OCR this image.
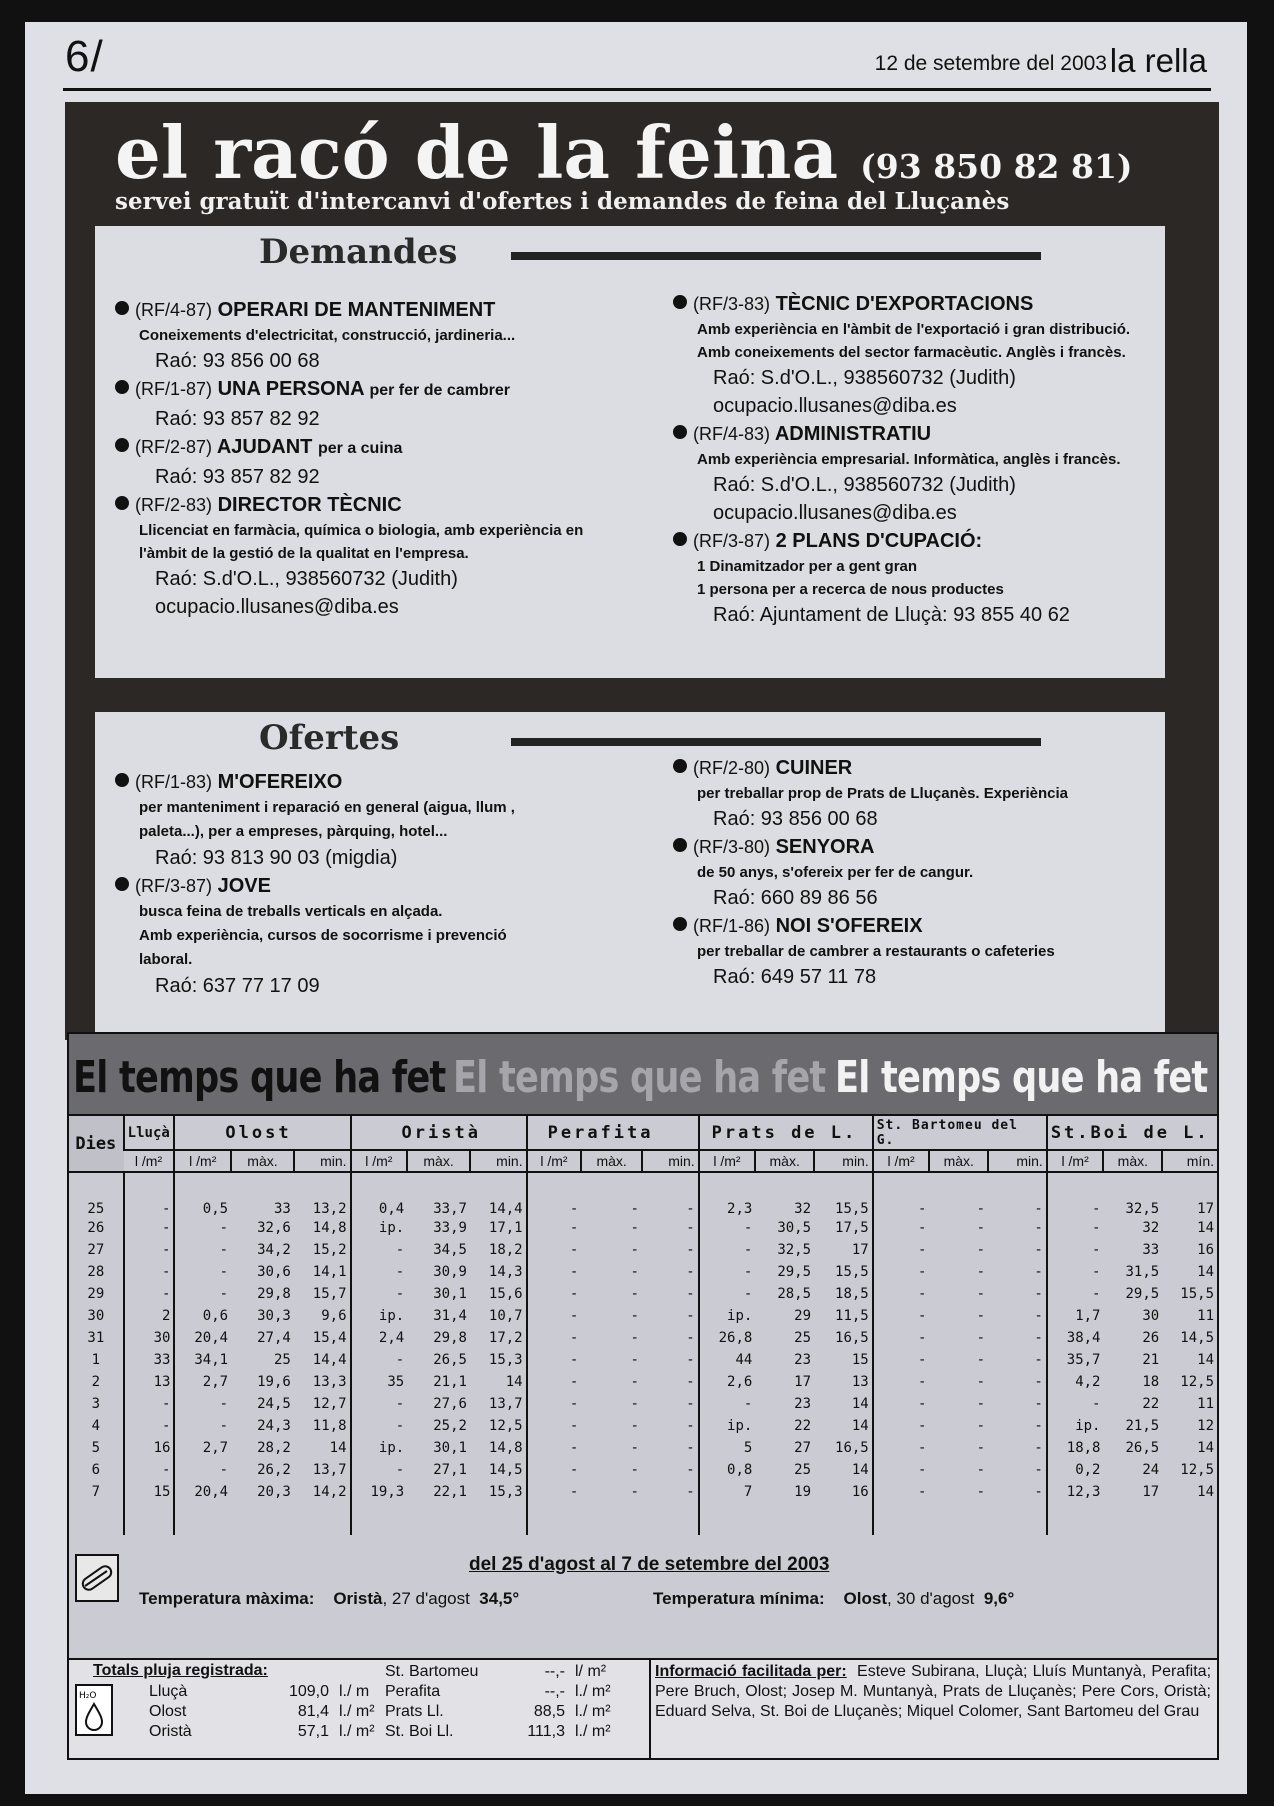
6/	12 de setembre del 2003 la rella
el racó de la feina (93 850 82 81)
servei gratuït d'intercanvi d'ofertes i demandes de feina del Lluçanès
Demandes
(RF/4-87) OPERARI DE MANTENIMENT
Coneixements d'electricitat, construcció, jardineria...
Raó: 93 856 00 68
(RF/1-87) UNA PERSONA per fer de cambrer
Raó: 93 857 82 92
(RF/2-87) AJUDANT per a cuina
Raó: 93 857 82 92
(RF/2-83) DIRECTOR TÈCNIC
Llicenciat en farmàcia, química o biologia, amb experiència en
l'àmbit de la gestió de la qualitat en l'empresa.
Raó: S.d'O.L., 938560732 (Judith)
ocupacio.llusanes@diba.es
(RF/3-83) TÈCNIC D'EXPORTACIONS
Amb experiència en l'àmbit de l'exportació i gran distribució.
Amb coneixements del sector farmacèutic. Anglès i francès.
Raó: S.d'O.L., 938560732 (Judith)
ocupacio.llusanes@diba.es
(RF/4-83) ADMINISTRATIU
Amb experiència empresarial. Informàtica, anglès i francès.
Raó: S.d'O.L., 938560732 (Judith)
ocupacio.llusanes@diba.es
(RF/3-87) 2 PLANS D'CUPACIÓ:
1 Dinamitzador per a gent gran
1 persona per a recerca de nous productes
Raó: Ajuntament de Lluçà: 93 855 40 62
Ofertes
(RF/1-83) M'OFEREIXO
per manteniment i reparació en general (aigua, llum ,
paleta...), per a empreses, pàrquing, hotel...
Raó: 93 813 90 03 (migdia)
(RF/3-87) JOVE
busca feina de treballs verticals en alçada.
Amb experiència, cursos de socorrisme i prevenció
laboral.
Raó: 637 77 17 09
(RF/2-80) CUINER
per treballar prop de Prats de Lluçanès. Experiència
Raó: 93 856 00 68
(RF/3-80) SENYORA
de 50 anys, s'ofereix per fer de cangur.
Raó: 660 89 86 56
(RF/1-86) NOI S'OFEREIX
per treballar de cambrer a restaurants o cafeteries
Raó: 649 57 11 78
El temps que ha fet El temps que ha fet El temps que ha fet
Dies	Lluçà	Olost			Oristà			Perafita			Prats de L.			St. Bartomeu del G.			St.Boi de L.		
	l /m²	l /m²	màx.	min.	l /m²	màx.	min.	l /m²	màx.	min.	l /m²	màx.	min.	l /m²	màx.	min.	l /m²	màx.	mín.
25	-	0,5	33	13,2	0,4	33,7	14,4	-	-	-	2,3	32	15,5	-	-	-	-	32,5	17
26	-	-	32,6	14,8	ip.	33,9	17,1	-	-	-	-	30,5	17,5	-	-	-	-	32	14
27	-	-	34,2	15,2	-	34,5	18,2	-	-	-	-	32,5	17	-	-	-	-	33	16
28	-	-	30,6	14,1	-	30,9	14,3	-	-	-	-	29,5	15,5	-	-	-	-	31,5	14
29	-	-	29,8	15,7	-	30,1	15,6	-	-	-	-	28,5	18,5	-	-	-	-	29,5	15,5
30	2	0,6	30,3	9,6	ip.	31,4	10,7	-	-	-	ip.	29	11,5	-	-	-	1,7	30	11
31	30	20,4	27,4	15,4	2,4	29,8	17,2	-	-	-	26,8	25	16,5	-	-	-	38,4	26	14,5
1	33	34,1	25	14,4	-	26,5	15,3	-	-	-	44	23	15	-	-	-	35,7	21	14
2	13	2,7	19,6	13,3	35	21,1	14	-	-	-	2,6	17	13	-	-	-	4,2	18	12,5
3	-	-	24,5	12,7	-	27,6	13,7	-	-	-	-	23	14	-	-	-	-	22	11
4	-	-	24,3	11,8	-	25,2	12,5	-	-	-	ip.	22	14	-	-	-	ip.	21,5	12
5	16	2,7	28,2	14	ip.	30,1	14,8	-	-	-	5	27	16,5	-	-	-	18,8	26,5	14
6	-	-	26,2	13,7	-	27,1	14,5	-	-	-	0,8	25	14	-	-	-	0,2	24	12,5
7	15	20,4	20,3	14,2	19,3	22,1	15,3	-	-	-	7	19	16	-	-	-	12,3	17	14

del 25 d'agost al 7 de setembre del 2003
Temperatura màxima: Oristà, 27 d'agost 34,5°	Temperatura mínima: Olost, 30 d'agost 9,6°
Totals pluja registrada:
H₂O	Lluçà	109,0 l./ m
Olost	81,4 l./ m²
Oristà	57,1 l./ m²
St. Bartomeu	--,- l/ m²
Perafita	--,- l./ m²
Prats Ll.	88,5 l./ m²
St. Boi Ll.	111,3 l./ m²
Informació facilitada per: Esteve Subirana, Lluçà; Lluís Muntanyà, Perafita; Pere Bruch, Olost; Josep M. Muntanyà, Prats de Lluçanès; Pere Cors, Oristà; Eduard Selva, St. Boi de Lluçanès; Miquel Colomer, Sant Bartomeu del Grau
